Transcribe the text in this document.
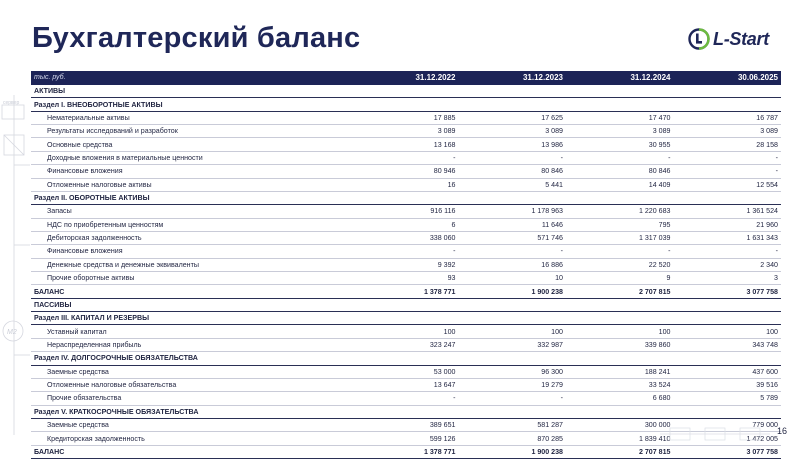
сервер
M2
Бухгалтерский баланс	L-Start
тыс. руб.	31.12.2022	31.12.2023	31.12.2024	30.06.2025
АКТИВЫ				
Раздел I. ВНЕОБОРОТНЫЕ АКТИВЫ				
Нематериальные активы	17 885	17 625	17 470	16 787
Результаты исследований и разработок	3 089	3 089	3 089	3 089
Основные средства	13 168	13 986	30 955	28 158
Доходные вложения в материальные ценности	-	-	-	-
Финансовые вложения	80 946	80 846	80 846	-
Отложенные налоговые активы	16	5 441	14 409	12 554
Раздел II. ОБОРОТНЫЕ АКТИВЫ				
Запасы	916 116	1 178 963	1 220 683	1 361 524
НДС по приобретенным ценностям	6	11 646	795	21 960
Дебиторская задолженность	338 060	571 746	1 317 039	1 631 343
Финансовые вложения	-	-	-	-
Денежные средства и денежные эквиваленты	9 392	16 886	22 520	2 340
Прочие оборотные активы	93	10	9	3
БАЛАНС	1 378 771	1 900 238	2 707 815	3 077 758
ПАССИВЫ				
Раздел III. КАПИТАЛ И РЕЗЕРВЫ				
Уставный капитал	100	100	100	100
Нераспределенная прибыль	323 247	332 987	339 860	343 748
Раздел IV. ДОЛГОСРОЧНЫЕ ОБЯЗАТЕЛЬСТВА				
Заемные средства	53 000	96 300	188 241	437 600
Отложенные налоговые обязательства	13 647	19 279	33 524	39 516
Прочие обязательства	-	-	6 680	5 789
Раздел V. КРАТКОСРОЧНЫЕ ОБЯЗАТЕЛЬСТВА				
Заемные средства	389 651	581 287	300 000	779 000
Кредиторская задолженность	599 126	870 285	1 839 410	1 472 005
БАЛАНС	1 378 771	1 900 238	2 707 815	3 077 758
16
